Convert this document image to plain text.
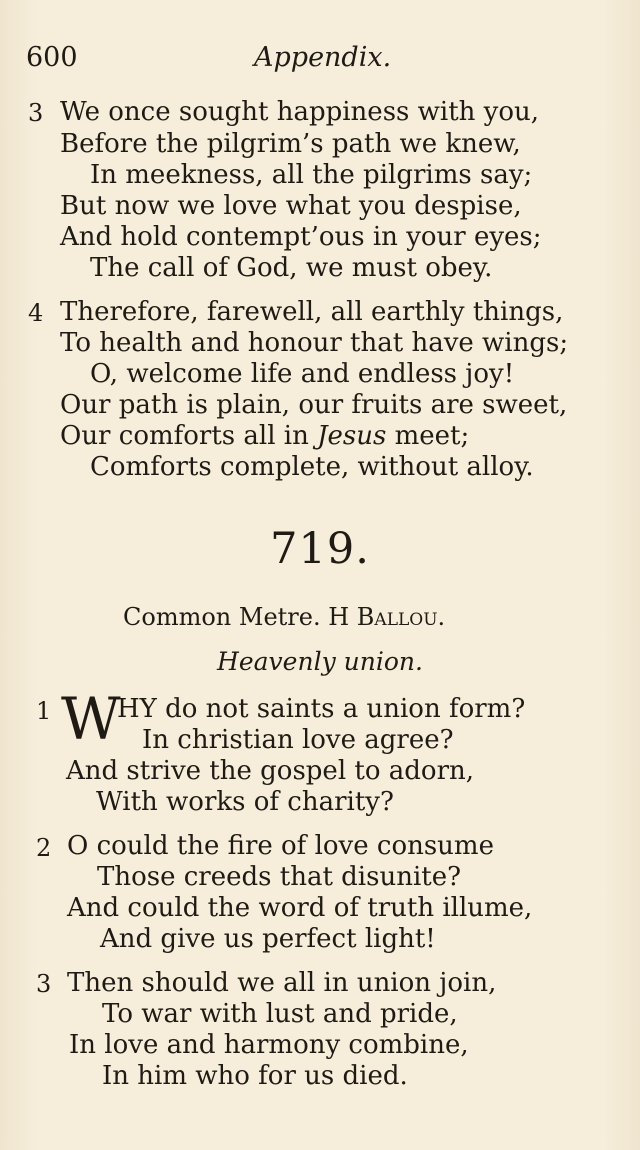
600	Appendix.
3 We once sought happiness with you,
Before the pilgrim’s path we knew,
In meekness, all the pilgrims say;
But now we love what you despise,
And hold contempt’ous in your eyes;
The call of God, we must obey.
4 Therefore, farewell, all earthly things,
To health and honour that have wings;
O, welcome life and endless joy!
Our path is plain, our fruits are sweet,
Our comforts all in Jesus meet;
Comforts complete, without alloy.
719.
Common Metre. H Ballou.
Heavenly union.
1 W
HY do not saints a union form?
In christian love agree?
And strive the gospel to adorn,
With works of charity?
2 O could the fire of love consume
Those creeds that disunite?
And could the word of truth illume,
And give us perfect light!
3 Then should we all in union join,
To war with lust and pride,
In love and harmony combine,
In him who for us died.
